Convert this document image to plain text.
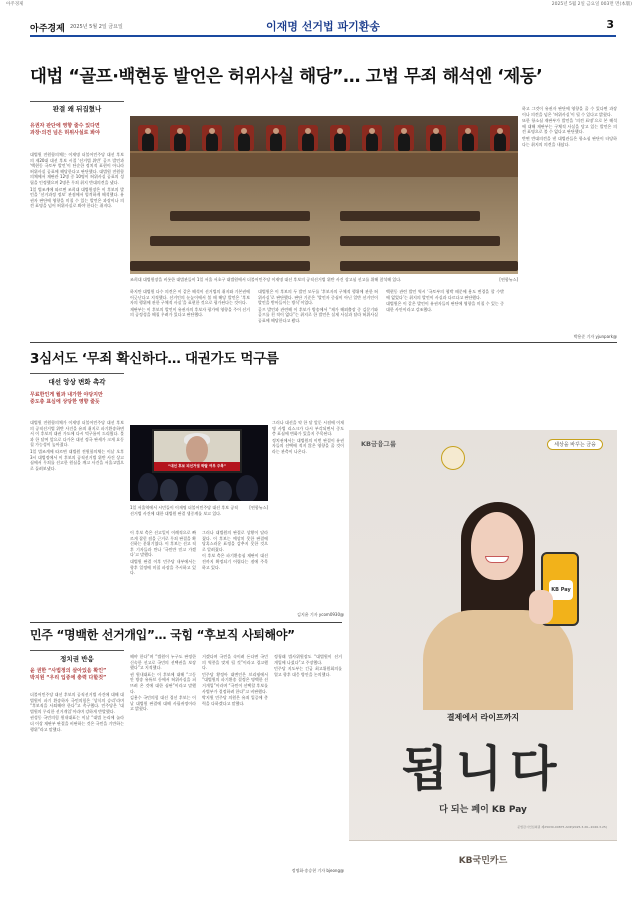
아주경제	2025년 5월 2일 금요일 003면 면(本版)
아주경제 2025년 5월 2일 금요일	이재명 선거법 파기환송	3
대법 “골프·백현동 발언은 허위사실 해당”… 고법 무죄 해석엔 ‘제동’
판결 왜 뒤집혔나
유권자 판단에 영향 줄수 있다면
과장·의견 넘은 허위사실로 봐야

대법원 전원합의체는 이재명 더불어민주당 대선 후보의 제20대 대선 후보 시절 ‘선거법 위반’ 골프 발언과 ‘백현동 국토부 발언’이 단순한 정치적 표현이 아니라 허위사실 공표에 해당한다고 판단했다. 대법원 전원합의체에서 재판관 12명 중 10명이 허위사실 공표의 성립을 인정했으며 2명은 무죄 취지 반대의견을 냈다.

1일 법조계에 따르면 조희대 대법원장은 이 후보의 발언을 ‘선거과정 정보’ 관점에서 엄격하게 해석했다. 유권자 판단에 영향을 미칠 수 있는 발언은 과장이나 의견 표명을 넘어 허위사실로 봐야 한다는 취지다.

조희대 대법원장을 비롯한 대법관들이 1일 서울 서초구 대법원에서 더불어민주당 이재명 대선 후보의 공직선거법 위반 사건 상고심 선고를 위해 참석해 있다.	[연합뉴스]

하지만 대법원 다수 의견은 이 같은 해석이 선거법의 취지와 기본권에 어긋난다고 지적했다. 선거인의 눈높이에서 볼 때 해당 발언은 ‘후보자의 행위에 관한 구체적 사실’을 표현한 것으로 평가된다는 것이다.

재판부는 이 후보의 발언이 유권자의 후보자 평가에 영향을 주어 선거의 공정성을 해칠 우려가 있다고 판단했다.

대법원은 이 후보의 두 발언 모두를 ‘후보자의 구체적 행위에 관한 허위사실’로 판단했다. 판단 기준은 ‘발언자 중심이 아닌 일반 선거인이 발언을 받아들이는 방식’이었다.

골프 발언과 관련해 이 후보가 방송에서 “제가 해외출장 중 김문기와 골프를 친 적이 없다”는 취지로 한 발언은 실제 사실과 달라 허위사실 공표에 해당한다고 봤다.

백현동 관련 발언 역시 ‘국토부의 협박 때문에 용도 변경을 할 수밖에 없었다’는 취지의 발언이 사실과 다르다고 판단했다.

대법원은 이 같은 발언이 유권자들의 판단에 영향을 미칠 수 있는 중대한 사안이라고 강조했다.

하고 그것이 유권자 판단에 영향을 줄 수 있다면 과장이나 의견을 넘은 ‘허위사실’이 될 수 있다고 밝혔다.

또한 항소심 재판부가 발언을 ‘의견 표명’으로 본 해석에 대해 재판부는 구체적 사실을 담고 있는 발언은 의견 표명으로 볼 수 없다고 판단했다.

반면 반대의견을 낸 대법관들은 항소심 판단이 타당하다는 취지의 의견을 내놨다.

박용준 기자 yjunpark@
3심서도 ‘무죄 확신하다… 대권가도 먹구름
대선 앙상 변화 촉각
무료한인게 월과 내가한 야당지만
중도층 표심에 상당한 영향 줄듯

대법원 전원합의체가 이재명 더불어민주당 대선 후보의 공직선거법 위반 사건을 유죄 취지로 파기환송하면서 이 후보의 대권 가도에 다시 먹구름이 드리웠다. 불과 한 달여 앞으로 다가온 대선 정국 판세가 크게 요동칠 가능성이 높아졌다.

1일 법조계에 따르면 대법원 전원합의체는 이날 오후 3시 대법정에서 이 후보의 공직선거법 위반 사건 상고심에서 무죄를 선고한 원심을 깨고 사건을 서울고법으로 돌려보냈다.	“대선 후보 피선거권 박탈 여부 주목”
1일 서울역에서 시민들이 이재명 더불어민주당 대선 후보 공직선거법 사건에 대한 대법원 판결 생중계를 보고 있다.
[연합뉴스]

그러나 대선을 약 한 달 앞둔 시점에 이재명 사법 리스크가 다시 부각되면서 중도층 표심에 변화가 있을지 주목된다.

정치권에서는 대법원의 이번 판결이 유권자들의 선택에 적지 않은 영향을 줄 것이라는 관측이 나온다.

이 후보 측은 선고일이 이례적으로 빠르게 잡힌 점을 근거로 무죄 판결을 확신하는 분위기였다. 이 후보는 선고 직후 기자들과 만나 ‘국민만 믿고 가겠다’고 말했다.

대법원 판결 이후 민주당 내부에서는 향후 일정에 미칠 파장을 주시하고 있다.

그러나 대법원의 판결로 상황이 달라졌다. 이 후보는 예상치 못한 판결에 당혹스러운 표정을 감추지 못한 것으로 알려졌다.

이 후보 측은 파기환송심 재판이 대선 전까지 확정되기 어렵다는 점에 주목하고 있다.

김지윤 기자 ycom0930@
민주 “명백한 선거개입”… 국힘 “후보직 사퇴해야”
정치권 반응
윤 권한 “사법정의 살아있음 확인”
박지원 “우리 입증에 충력 다할것”

더불어민주당 대선 후보의 공직선거법 사건에 대해 대법원이 파기 환송하자 국민의힘은 ‘상식의 승리’라며 “후보직을 사퇴해야 한다”고 촉구했다. 민주당은 ‘대법원의 무리한 선거개입’이라며 강하게 반발했다.

권성동 국민의힘 원내대표는 이날 “대법 논리에 놀라 더 이상 재판부 판결을 비판하는 것은 국민을 기만하는 행위”라고 말했다.

해야 한다”며 “법원이 누구도 판정한 신속한 선고로 국민의 선택권을 보장했다”고 지적했다.

권 원내대표는 이 후보에 대해 “그동안 방송 유튜브 등에서 허위사실을 퍼뜨려 온 것에 대한 심판”이라고 말했다.

김용수 국민의힘 대선 경선 후보는 이날 대법원 판결에 대해 사필귀정이라고 밝혔다.

거겠다며 국민을 속이려 든다면 국민의 역풍을 맞게 될 것”이라고 경고했다.

민주당 황정아 대변인은 브리핑에서 “대법원의 파기환송 결정은 명백한 선거개입”이라며 “국민이 선택할 후보를 사법부가 결정하려 한다”고 비판했다.

박지원 민주당 의원은 유죄 입증에 총력을 다하겠다고 말했다.

정청래 법사위원장도 “대법원이 선거 개입에 나섰다”고 주장했다.

민주당 지도부는 긴급 최고위원회의를 열고 향후 대응 방안을 논의했다.

정명화·송승현 기자 bjeong@
KB금융그룹	세상을 바꾸는 금융
KB Pay
결제에서 라이프까지
됩니다
다 되는 페이 KB Pay
준법감시인심의필 제25030-00875 ADP(2025.3.26~2026.3.25)
KB국민카드
